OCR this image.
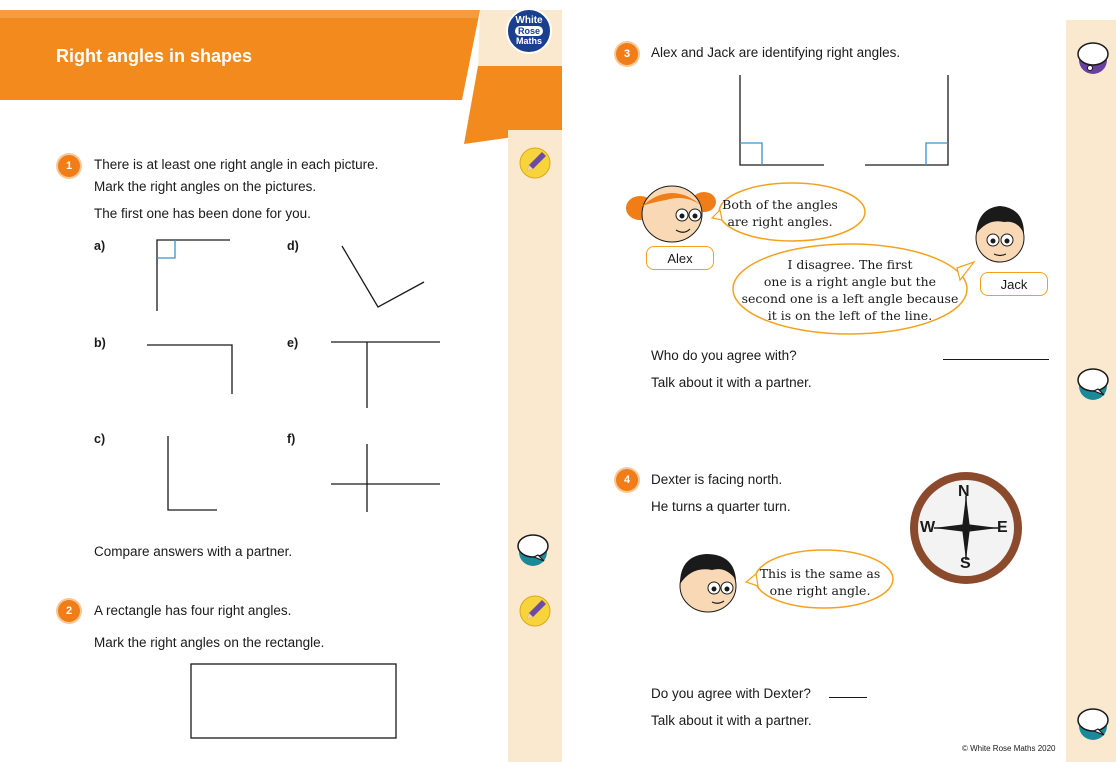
Right angles in shapes
White
Rose
Maths
1	There is at least one right angle in each picture.
Mark the right angles on the pictures.
The first one has been done for you.
a)	d)
b)	e)
c)	f)
Compare answers with a partner.
2	A rectangle has four right angles.
Mark the right angles on the rectangle.
3	Alex and Jack are identifying right angles.
Both of the angles
are right angles.
Alex	I disagree. The first
one is a right angle but the
second one is a left angle because
it is on the left of the line.
Jack
Who do you agree with?
Talk about it with a partner.
4	Dexter is facing north.
He turns a quarter turn.
This is the same as
one right angle.
N
E
S
W
Do you agree with Dexter?
Talk about it with a partner.
© White Rose Maths 2020
